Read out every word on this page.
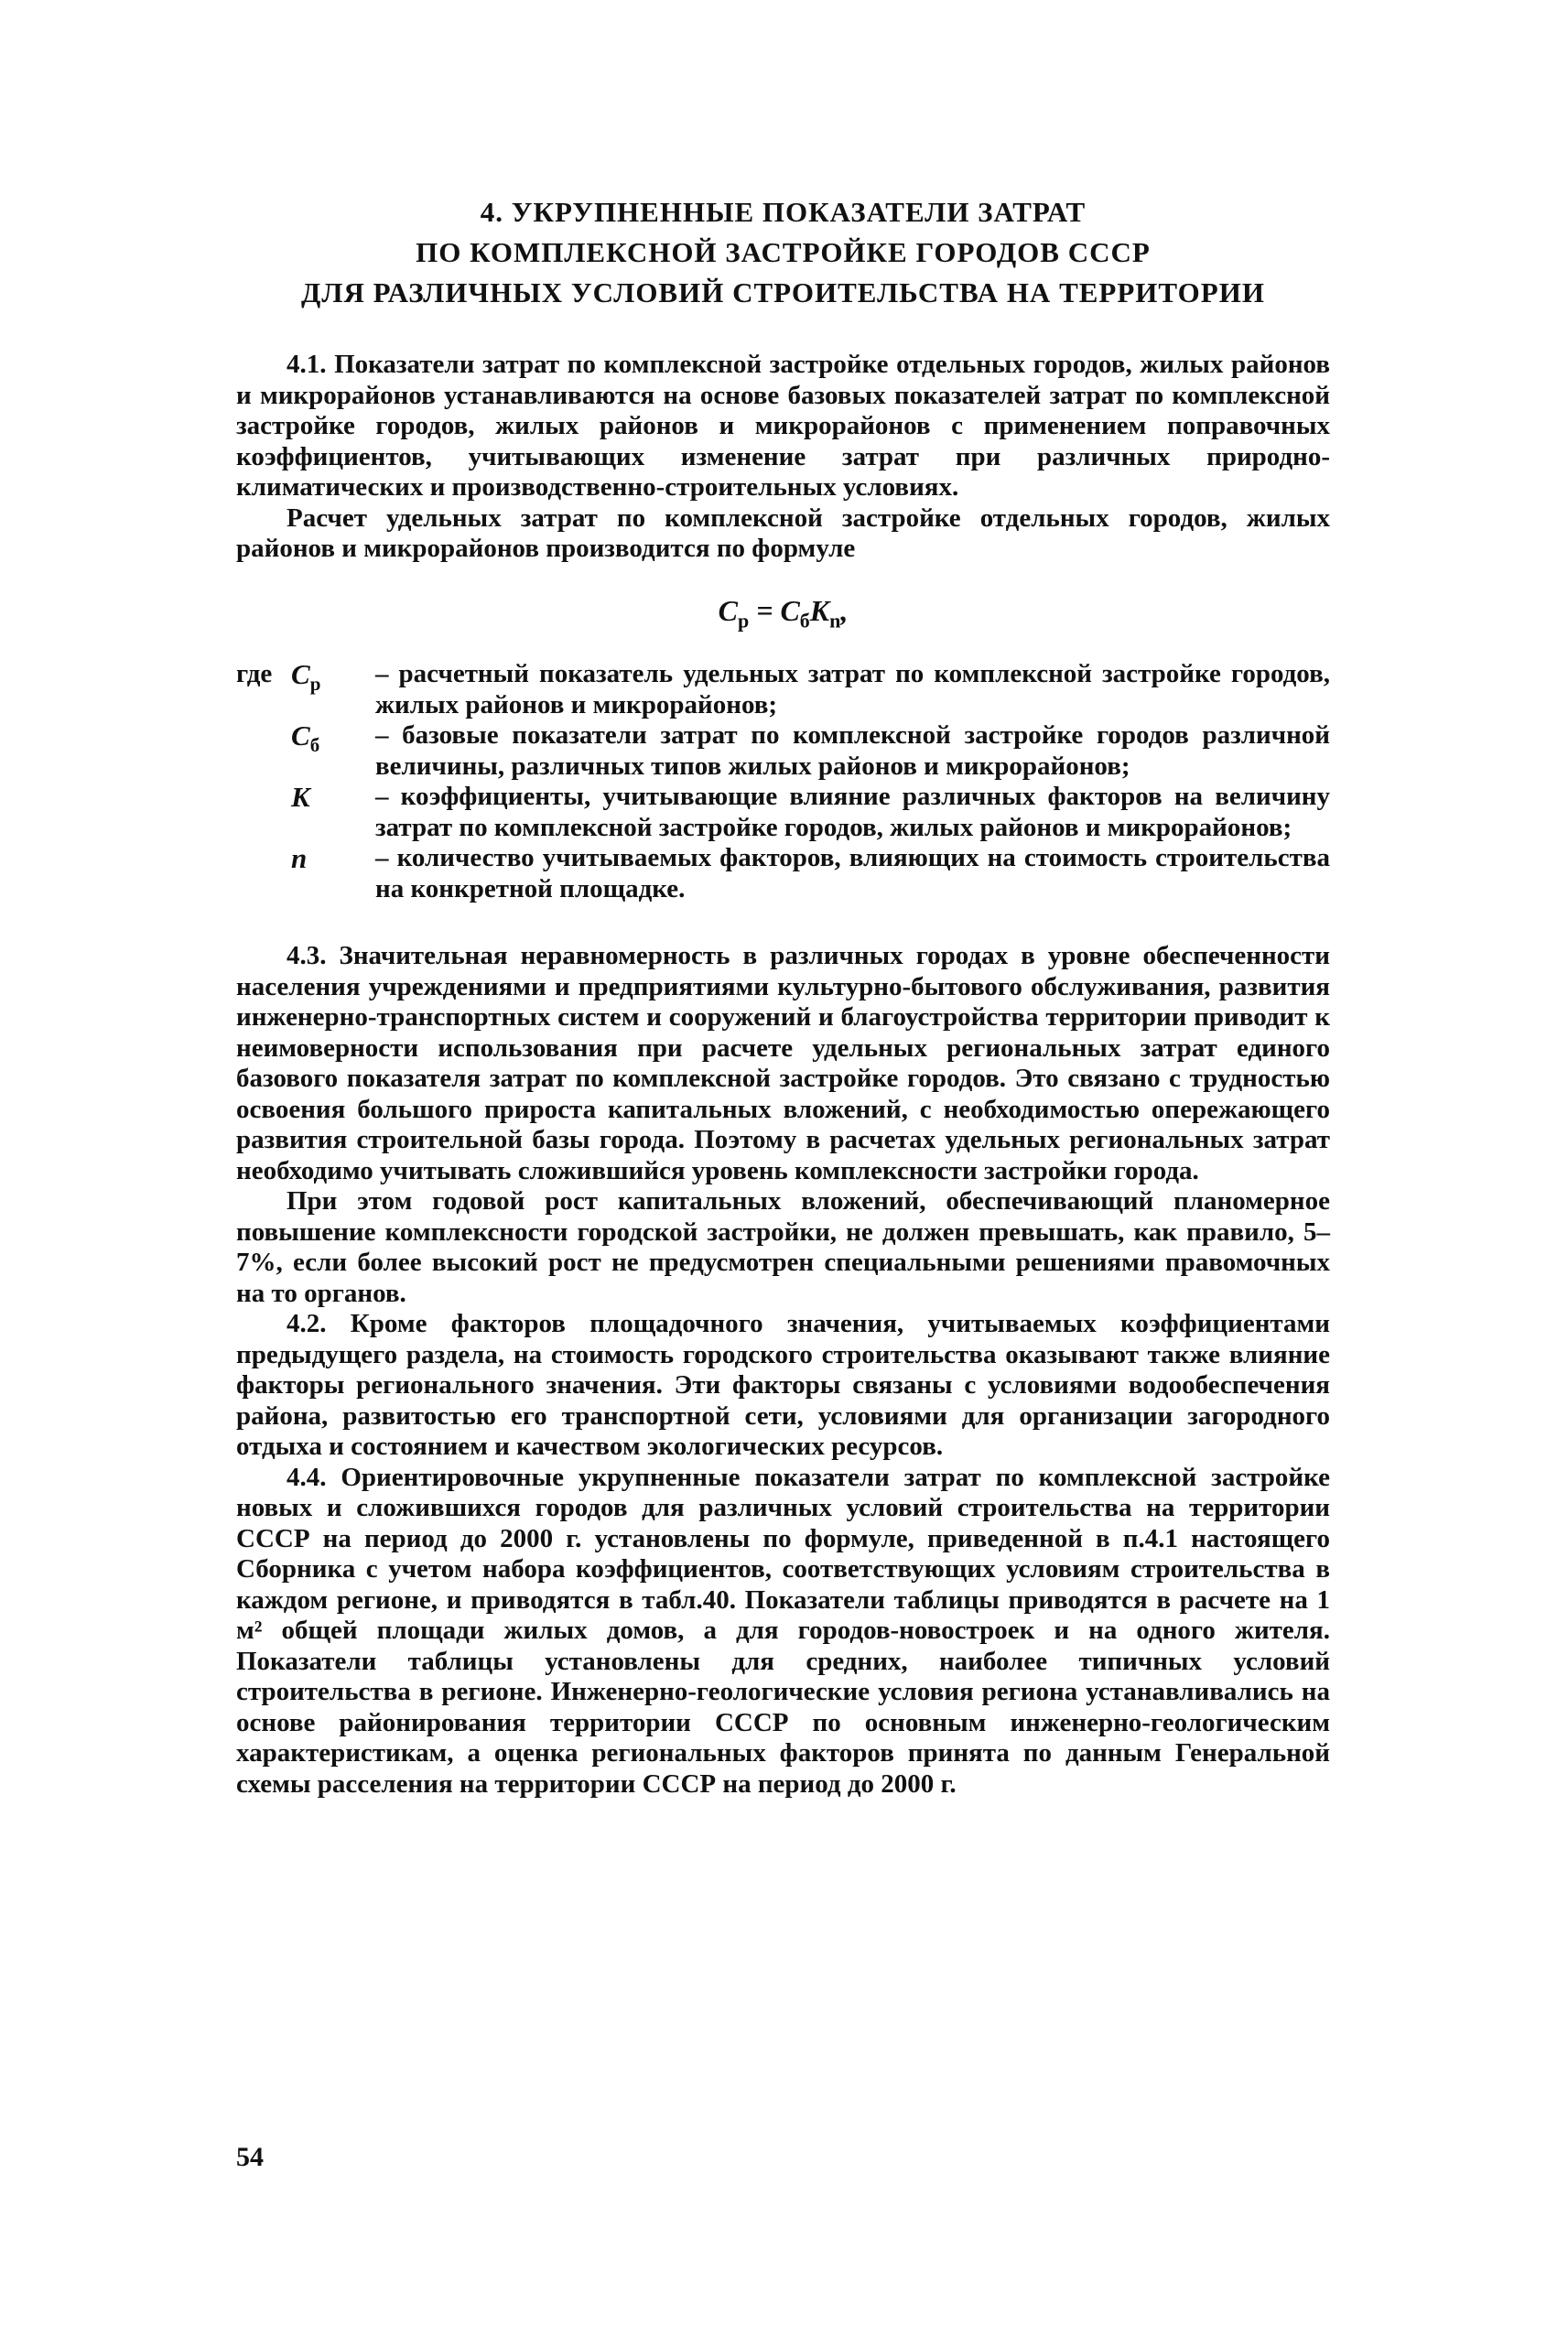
4. УКРУПНЕННЫЕ ПОКАЗАТЕЛИ ЗАТРАТ
ПО КОМПЛЕКСНОЙ ЗАСТРОЙКЕ ГОРОДОВ СССР
ДЛЯ РАЗЛИЧНЫХ УСЛОВИЙ СТРОИТЕЛЬСТВА НА ТЕРРИТОРИИ

4.1. Показатели затрат по комплексной застройке отдельных городов, жилых районов и микрорайонов устанавливаются на основе базовых показателей затрат по комплексной застройке городов, жилых районов и микрорайонов с применением поправочных коэффициентов, учитывающих изменение затрат при различных природно-климатических и производственно-строительных условиях.

Расчет удельных затрат по комплексной застройке отдельных городов, жилых районов и микрорайонов производится по формуле

$C_р = C_бK_n$,
где $C_р$	– расчетный показатель удельных затрат по комплексной застройке городов, жилых районов и микрорайонов;
$C_б$	– базовые показатели затрат по комплексной застройке городов различной величины, различных типов жилых районов и микрорайонов;
K	– коэффициенты, учитывающие влияние различных факторов на величину затрат по комплексной застройке городов, жилых районов и микрорайонов;
n	– количество учитываемых факторов, влияющих на стоимость строительства на конкретной площадке.

4.3. Значительная неравномерность в различных городах в уровне обеспеченности населения учреждениями и предприятиями культурно-бытового обслуживания, развития инженерно-транспортных систем и сооружений и благоустройства территории приводит к неимоверности использования при расчете удельных региональных затрат единого базового показателя затрат по комплексной застройке городов. Это связано с трудностью освоения большого прироста капитальных вложений, с необходимостью опережающего развития строительной базы города. Поэтому в расчетах удельных региональных затрат необходимо учитывать сложившийся уровень комплексности застройки города.

При этом годовой рост капитальных вложений, обеспечивающий планомерное повышение комплексности городской застройки, не должен превышать, как правило, 5–7%, если более высокий рост не предусмотрен специальными решениями правомочных на то органов.

4.2. Кроме факторов площадочного значения, учитываемых коэффициентами предыдущего раздела, на стоимость городского строительства оказывают также влияние факторы регионального значения. Эти факторы связаны с условиями водообеспечения района, развитостью его транспортной сети, условиями для организации загородного отдыха и состоянием и качеством экологических ресурсов.

4.4. Ориентировочные укрупненные показатели затрат по комплексной застройке новых и сложившихся городов для различных условий строительства на территории СССР на период до 2000 г. установлены по формуле, приведенной в п.4.1 настоящего Сборника с учетом набора коэффициентов, соответствующих условиям строительства в каждом регионе, и приводятся в табл.40. Показатели таблицы приводятся в расчете на 1 м² общей площади жилых домов, а для городов-новостроек и на одного жителя. Показатели таблицы установлены для средних, наиболее типичных условий строительства в регионе. Инженерно-геологические условия региона устанавливались на основе районирования территории СССР по основным инженерно-геологическим характеристикам, а оценка региональных факторов принята по данным Генеральной схемы расселения на территории СССР на период до 2000 г.

54
